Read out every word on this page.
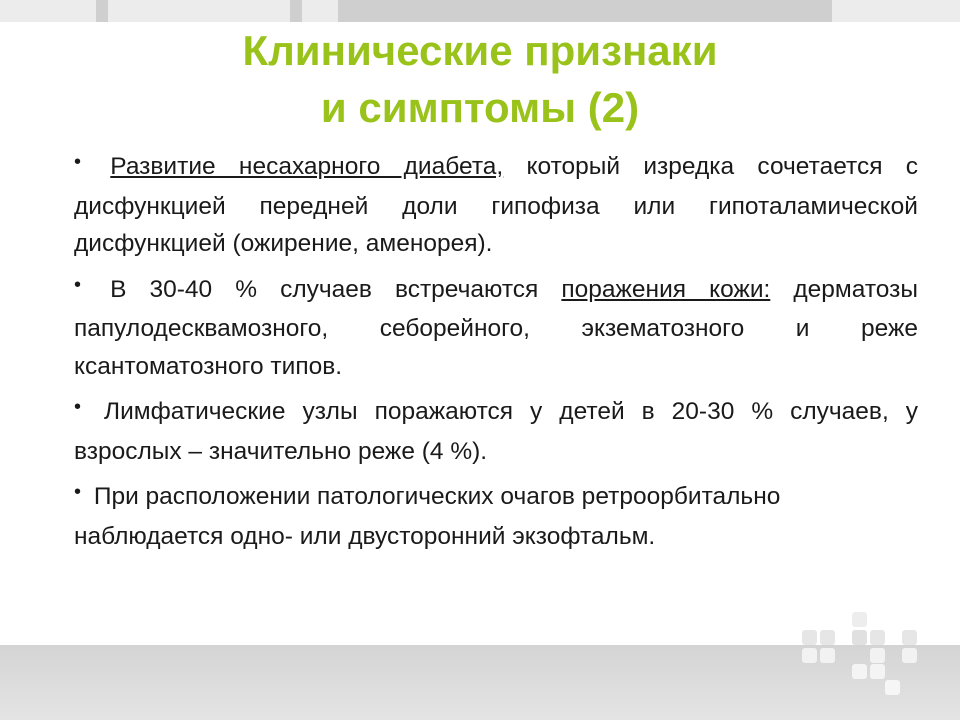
Клинические признаки
и симптомы (2)
• Развитие несахарного диабета, который изредка сочетается с дисфункцией передней доли гипофиза или гипоталамической дисфункцией (ожирение, аменорея).
• В 30-40 % случаев встречаются поражения кожи: дерматозы папулодесквамозного, себорейного, экзематозного и реже ксантоматозного типов.
• Лимфатические узлы поражаются у детей в 20-30 % случаев, у взрослых – значительно реже (4 %).
• При расположении патологических очагов ретроорбитально наблюдается одно- или двусторонний экзофтальм.
